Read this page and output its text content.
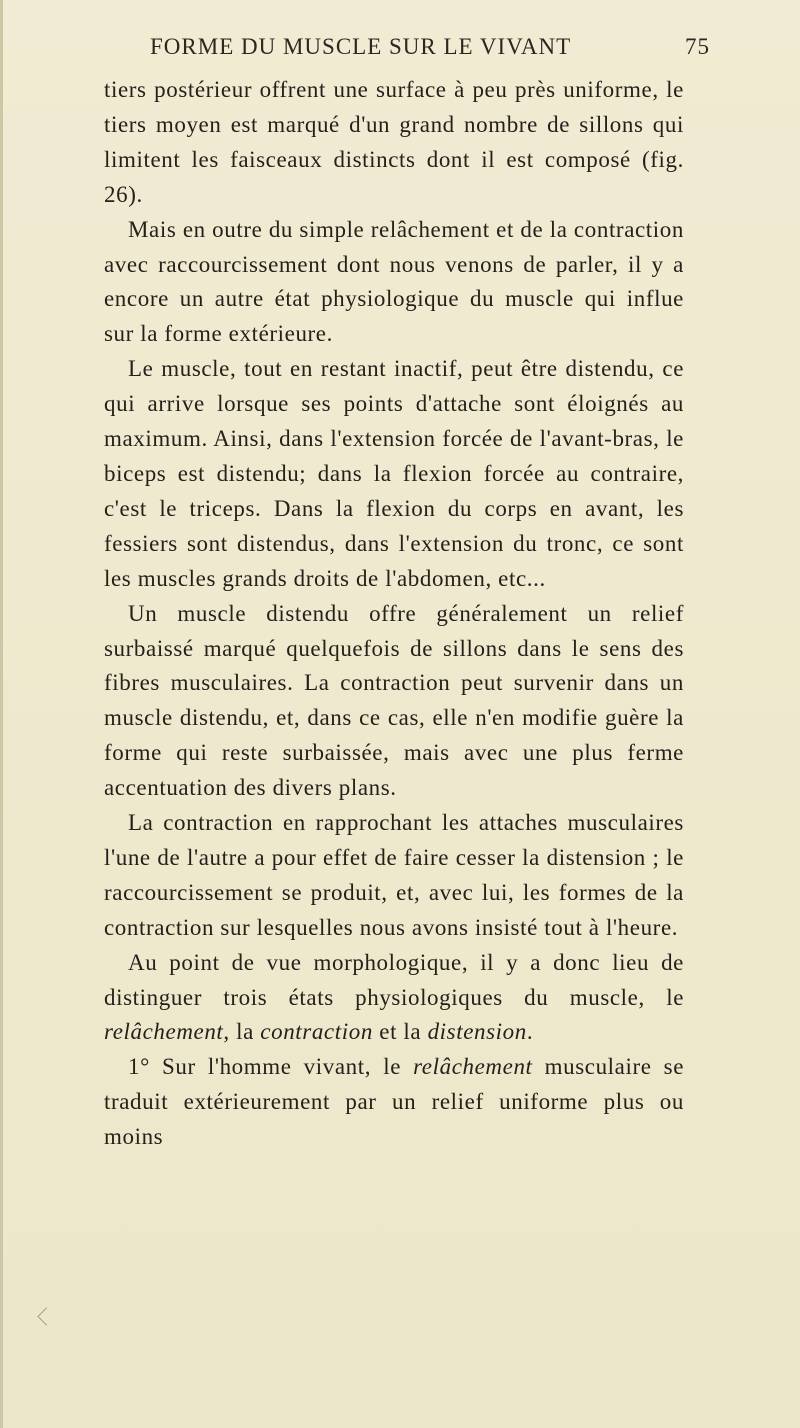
FORME DU MUSCLE SUR LE VIVANT	75

tiers postérieur offrent une surface à peu près uniforme, le tiers moyen est marqué d'un grand nombre de sillons qui limitent les faisceaux distincts dont il est composé (fig. 26).

Mais en outre du simple relâchement et de la contraction avec raccourcissement dont nous venons de parler, il y a encore un autre état physiologique du muscle qui influe sur la forme extérieure.

Le muscle, tout en restant inactif, peut être distendu, ce qui arrive lorsque ses points d'attache sont éloignés au maximum. Ainsi, dans l'extension forcée de l'avant-bras, le biceps est distendu; dans la flexion forcée au contraire, c'est le triceps. Dans la flexion du corps en avant, les fessiers sont distendus, dans l'extension du tronc, ce sont les muscles grands droits de l'abdomen, etc...

Un muscle distendu offre généralement un relief surbaissé marqué quelquefois de sillons dans le sens des fibres musculaires. La contraction peut survenir dans un muscle distendu, et, dans ce cas, elle n'en modifie guère la forme qui reste surbaissée, mais avec une plus ferme accentuation des divers plans.

La contraction en rapprochant les attaches musculaires l'une de l'autre a pour effet de faire cesser la distension ; le raccourcissement se produit, et, avec lui, les formes de la contraction sur lesquelles nous avons insisté tout à l'heure.

Au point de vue morphologique, il y a donc lieu de distinguer trois états physiologiques du muscle, le relâchement, la contraction et la distension.

1° Sur l'homme vivant, le relâchement musculaire se traduit extérieurement par un relief uniforme plus ou moins
